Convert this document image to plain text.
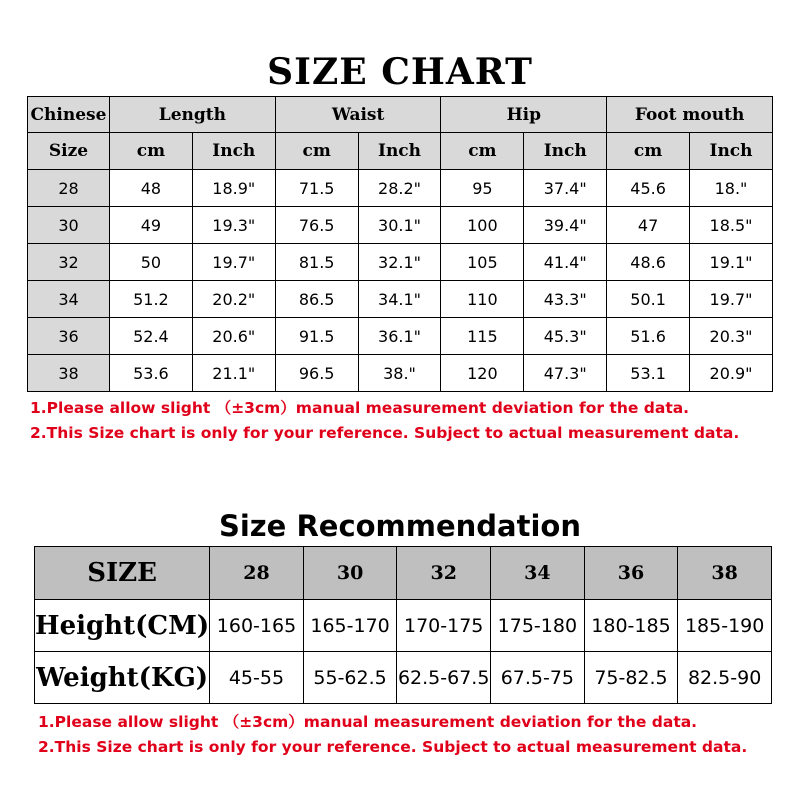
SIZE CHART
Chinese	Length		Waist		Hip		Foot mouth	
Size	cm	Inch	cm	Inch	cm	Inch	cm	Inch
28	48	18.9"	71.5	28.2"	95	37.4"	45.6	18."
30	49	19.3"	76.5	30.1"	100	39.4"	47	18.5"
32	50	19.7"	81.5	32.1"	105	41.4"	48.6	19.1"
34	51.2	20.2"	86.5	34.1"	110	43.3"	50.1	19.7"
36	52.4	20.6"	91.5	36.1"	115	45.3"	51.6	20.3"
38	53.6	21.1"	96.5	38."	120	47.3"	53.1	20.9"
1.Please allow slight （±3cm）manual measurement deviation for the data.
2.This Size chart is only for your reference. Subject to actual measurement data.
Size Recommendation
SIZE	28	30	32	34	36	38
Height(CM)	160-165	165-170	170-175	175-180	180-185	185-190
Weight(KG)	45-55	55-62.5	62.5-67.5	67.5-75	75-82.5	82.5-90
1.Please allow slight （±3cm）manual measurement deviation for the data.
2.This Size chart is only for your reference. Subject to actual measurement data.
